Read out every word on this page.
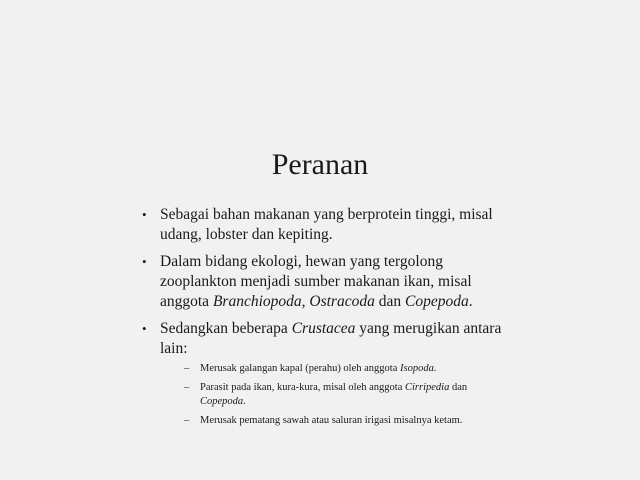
Peranan
• Sebagai bahan makanan yang berprotein tinggi, misal udang, lobster dan kepiting.
• Dalam bidang ekologi, hewan yang tergolong zooplankton menjadi sumber makanan ikan, misal anggota Branchiopoda, Ostracoda dan Copepoda.
• Sedangkan beberapa Crustacea yang merugikan antara lain:
– Merusak galangan kapal (perahu) oleh anggota Isopoda.
– Parasit pada ikan, kura-kura, misal oleh anggota Cirripedia dan Copepoda.
– Merusak pematang sawah atau saluran irigasi misalnya ketam.
